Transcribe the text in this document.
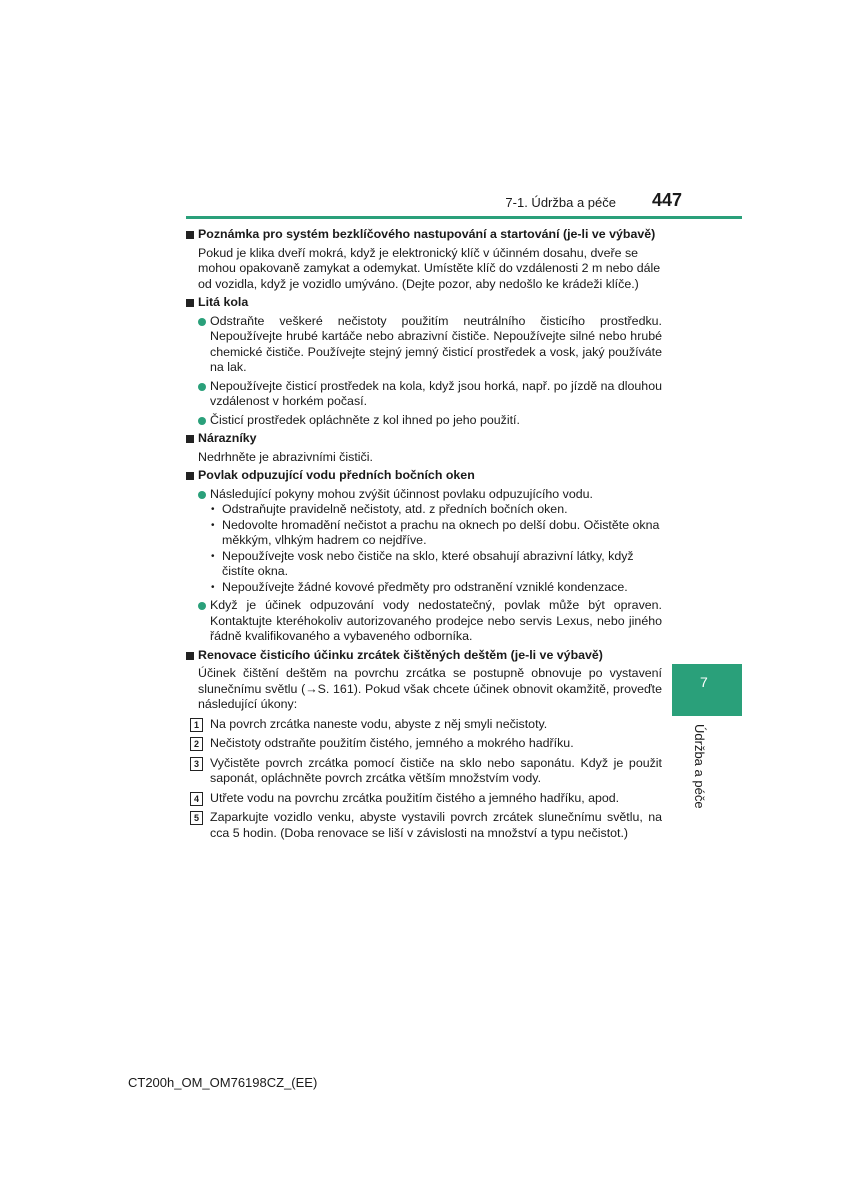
7-1. Údržba a péče 447
Poznámka pro systém bezklíčového nastupování a startování (je-li ve výbavě)
Pokud je klika dveří mokrá, když je elektronický klíč v účinném dosahu, dveře se mohou opakovaně zamykat a odemykat. Umístěte klíč do vzdálenosti 2 m nebo dále od vozidla, když je vozidlo umýváno. (Dejte pozor, aby nedošlo ke krádeži klíče.)
Litá kola
Odstraňte veškeré nečistoty použitím neutrálního čisticího prostředku. Nepoužívejte hrubé kartáče nebo abrazivní čističe. Nepoužívejte silné nebo hrubé chemické čističe. Používejte stejný jemný čisticí prostředek a vosk, jaký používáte na lak.
Nepoužívejte čisticí prostředek na kola, když jsou horká, např. po jízdě na dlouhou vzdálenost v horkém počasí.
Čisticí prostředek opláchněte z kol ihned po jeho použití.
Nárazníky
Nedrhněte je abrazivními čističi.
Povlak odpuzující vodu předních bočních oken
Následující pokyny mohou zvýšit účinnost povlaku odpuzujícího vodu.
• Odstraňujte pravidelně nečistoty, atd. z předních bočních oken.
• Nedovolte hromadění nečistot a prachu na oknech po delší dobu. Očistěte okna měkkým, vlhkým hadrem co nejdříve.
• Nepoužívejte vosk nebo čističe na sklo, které obsahují abrazivní látky, když čistíte okna.
• Nepoužívejte žádné kovové předměty pro odstranění vzniklé kondenzace.
Když je účinek odpuzování vody nedostatečný, povlak může být opraven. Kontaktujte kteréhokoliv autorizovaného prodejce nebo servis Lexus, nebo jiného řádně kvalifikovaného a vybaveného odborníka.
Renovace čisticího účinku zrcátek čištěných deštěm (je-li ve výbavě)
Účinek čištění deštěm na povrchu zrcátka se postupně obnovuje po vystavení slunečnímu světlu (→S. 161). Pokud však chcete účinek obnovit okamžitě, proveďte následující úkony:
1 Na povrch zrcátka naneste vodu, abyste z něj smyli nečistoty.
2 Nečistoty odstraňte použitím čistého, jemného a mokrého hadříku.
3 Vyčistěte povrch zrcátka pomocí čističe na sklo nebo saponátu. Když je použit saponát, opláchněte povrch zrcátka větším množstvím vody.
4 Utřete vodu na povrchu zrcátka použitím čistého a jemného hadříku, apod.
5 Zaparkujte vozidlo venku, abyste vystavili povrch zrcátek slunečnímu světlu, na cca 5 hodin. (Doba renovace se liší v závislosti na množství a typu nečistot.)
7
Údržba a péče
CT200h_OM_OM76198CZ_(EE)
